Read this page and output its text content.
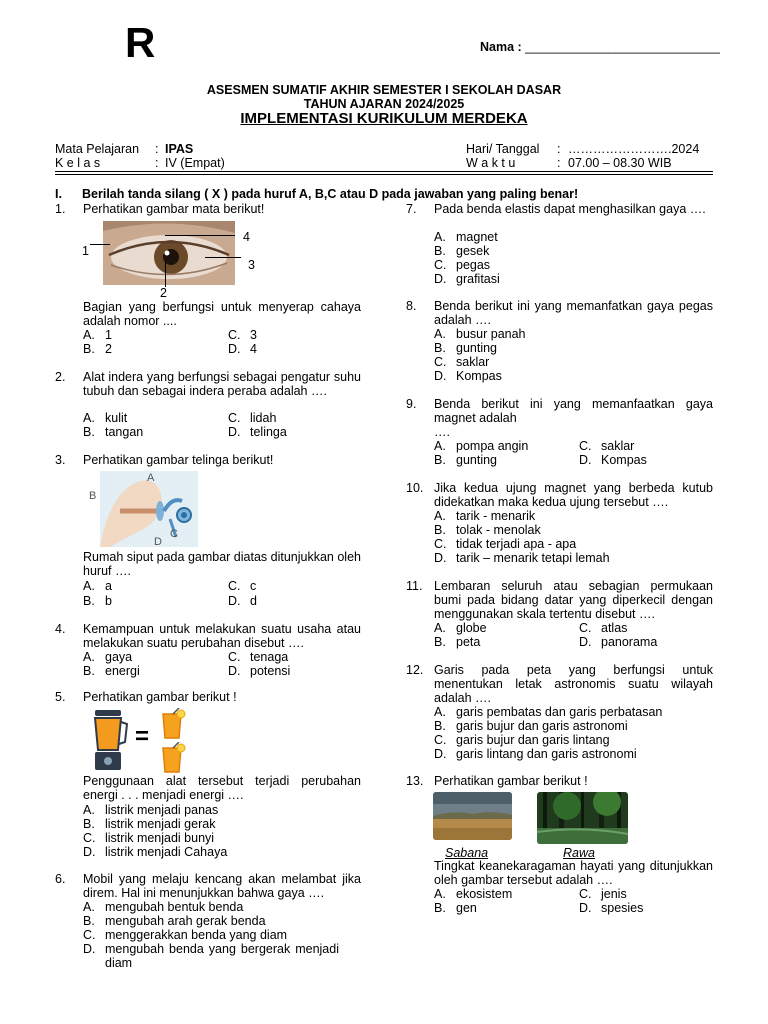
R	Nama : ____________________________
ASESMEN SUMATIF AKHIR SEMESTER I SEKOLAH DASAR
TAHUN AJARAN 2024/2025
IMPLEMENTASI KURIKULUM MERDEKA
Mata Pelajaran : IPAS
K e l a s	: IV (Empat)
Hari/ Tanggal : …………………….2024
W a k t u	: 07.00 – 08.30 WIB
I. Berilah tanda silang ( X ) pada huruf A, B,C atau D pada jawaban yang paling benar!
1.	Perhatikan gambar mata berikut!
1
2
3
4
Bagian yang berfungsi untuk menyerap cahaya adalah nomor ....
A. 1
B. 2
C. 3
D. 4
2.	Alat indera yang berfungsi sebagai pengatur suhu tubuh dan sebagai indera peraba adalah ….
A. kulit
B. tangan
C. lidah
D. telinga
3.	Perhatikan gambar telinga berikut!
A
B
C
D
Rumah siput pada gambar diatas ditunjukkan oleh huruf ….
A. a
B. b
C. c
D. d
4.	Kemampuan untuk melakukan suatu usaha atau melakukan suatu perubahan disebut ….
A. gaya
B. energi
C. tenaga
D. potensi
5.	Perhatikan gambar berikut !
=
Penggunaan alat tersebut terjadi perubahan energi . . . menjadi energi ….
A. listrik menjadi panas
B. listrik menjadi gerak
C. listrik menjadi bunyi
D. listrik menjadi Cahaya
6.	Mobil yang melaju kencang akan melambat jika direm. Hal ini menunjukkan bahwa gaya ….
A. mengubah bentuk benda
B. mengubah arah gerak benda
C. menggerakkan benda yang diam
D. mengubah benda yang bergerak menjadi diam
7.	Pada benda elastis dapat menghasilkan gaya ….
A. magnet
B. gesek
C. pegas
D. grafitasi
8.	Benda berikut ini yang memanfatkan gaya pegas adalah ….
A. busur panah
B. gunting
C. saklar
D. Kompas
9.	Benda berikut ini yang memanfaatkan gaya magnet adalah
….
A. pompa angin
B. gunting
C. saklar
D. Kompas
10. Jika kedua ujung magnet yang berbeda kutub didekatkan maka kedua ujung tersebut ….
A. tarik - menarik
B. tolak - menolak
C. tidak terjadi apa - apa
D. tarik – menarik tetapi lemah
11. Lembaran seluruh atau sebagian permukaan bumi pada bidang datar yang diperkecil dengan menggunakan skala tertentu disebut ….
A. globe
B. peta
C. atlas
D. panorama
12. Garis pada peta yang berfungsi untuk menentukan letak astronomis suatu wilayah adalah ….
A. garis pembatas dan garis perbatasan
B. garis bujur dan garis astronomi
C. garis bujur dan garis lintang
D. garis lintang dan garis astronomi
13. Perhatikan gambar berikut !
Sabana	Rawa
Tingkat keanekaragaman hayati yang ditunjukkan oleh gambar tersebut adalah ….
A. ekosistem
B. gen
C. jenis
D. spesies
